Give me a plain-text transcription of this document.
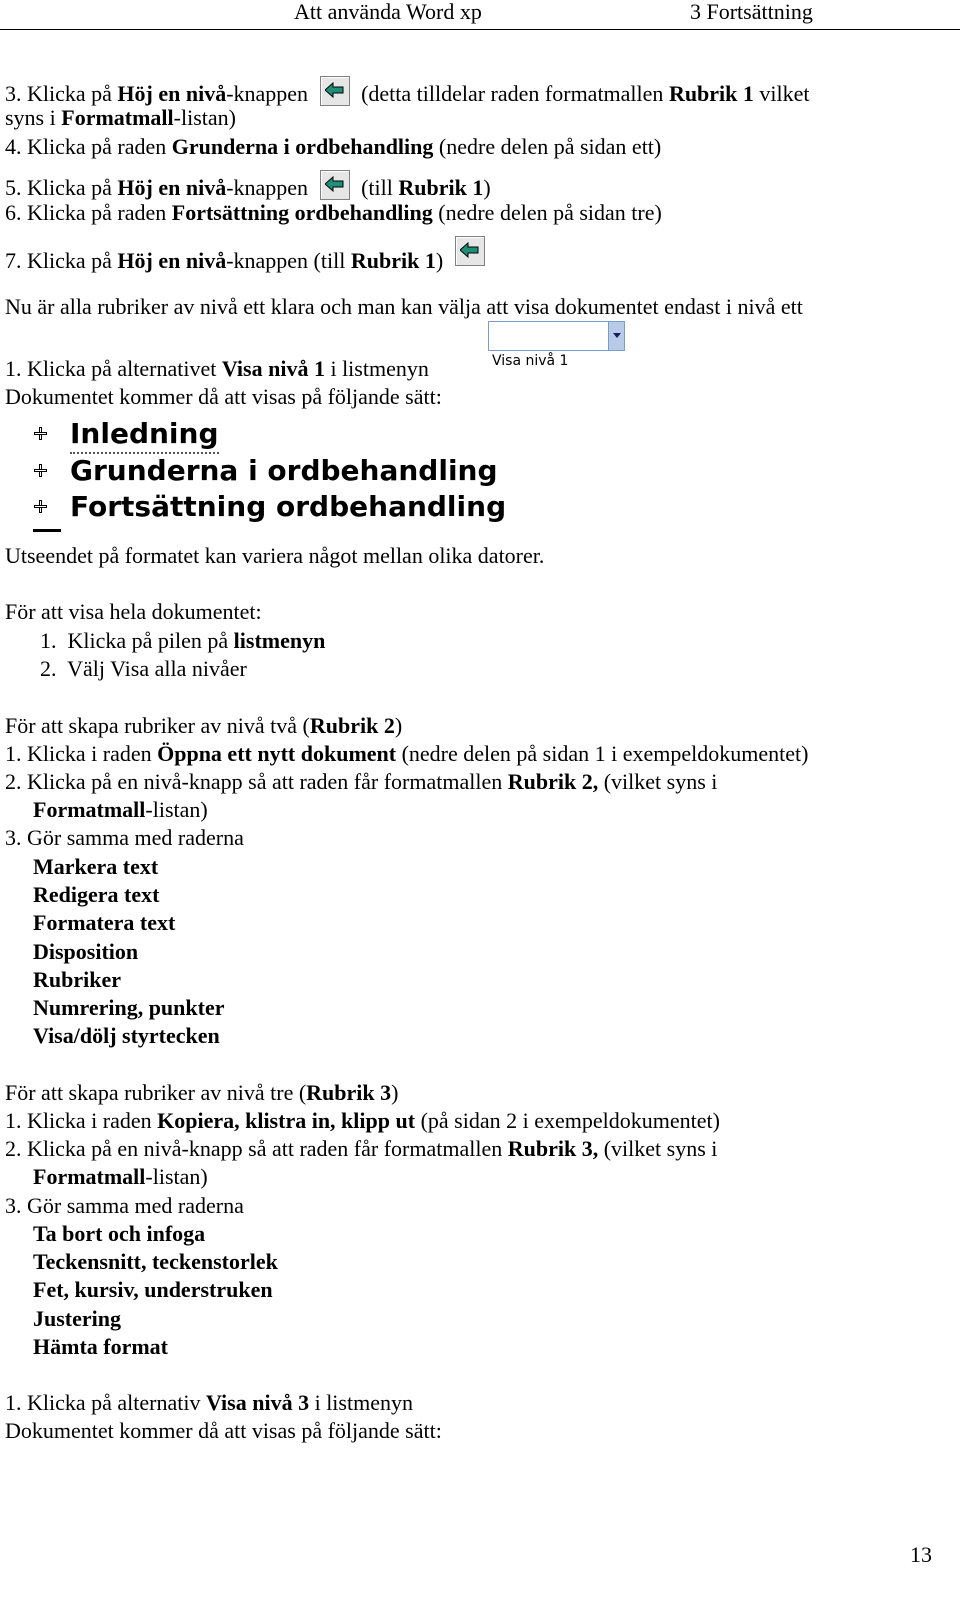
Att använda Word xp	3 Fortsättning
3. Klicka på Höj en nivå-knappen (detta tilldelar raden formatmallen Rubrik 1 vilket
syns i Formatmall-listan)
4. Klicka på raden Grunderna i ordbehandling (nedre delen på sidan ett)
5. Klicka på Höj en nivå-knappen (till Rubrik 1)
6. Klicka på raden Fortsättning ordbehandling (nedre delen på sidan tre)
7. Klicka på Höj en nivå-knappen (till Rubrik 1)
Nu är alla rubriker av nivå ett klara och man kan välja att visa dokumentet endast i nivå ett
Visa nivå 1
1. Klicka på alternativet Visa nivå 1 i listmenyn
Dokumentet kommer då att visas på följande sätt:
Inledning
Grunderna i ordbehandling
Fortsättning ordbehandling
Utseendet på formatet kan variera något mellan olika datorer.
För att visa hela dokumentet:
1. Klicka på pilen på listmenyn
2. Välj Visa alla nivåer
För att skapa rubriker av nivå två (Rubrik 2)
1. Klicka i raden Öppna ett nytt dokument (nedre delen på sidan 1 i exempeldokumentet)
2. Klicka på en nivå-knapp så att raden får formatmallen Rubrik 2, (vilket syns i
Formatmall-listan)
3. Gör samma med raderna
Markera text
Redigera text
Formatera text
Disposition
Rubriker
Numrering, punkter
Visa/dölj styrtecken
För att skapa rubriker av nivå tre (Rubrik 3)
1. Klicka i raden Kopiera, klistra in, klipp ut (på sidan 2 i exempeldokumentet)
2. Klicka på en nivå-knapp så att raden får formatmallen Rubrik 3, (vilket syns i
Formatmall-listan)
3. Gör samma med raderna
Ta bort och infoga
Teckensnitt, teckenstorlek
Fet, kursiv, understruken
Justering
Hämta format
1. Klicka på alternativ Visa nivå 3 i listmenyn
Dokumentet kommer då att visas på följande sätt:
13
